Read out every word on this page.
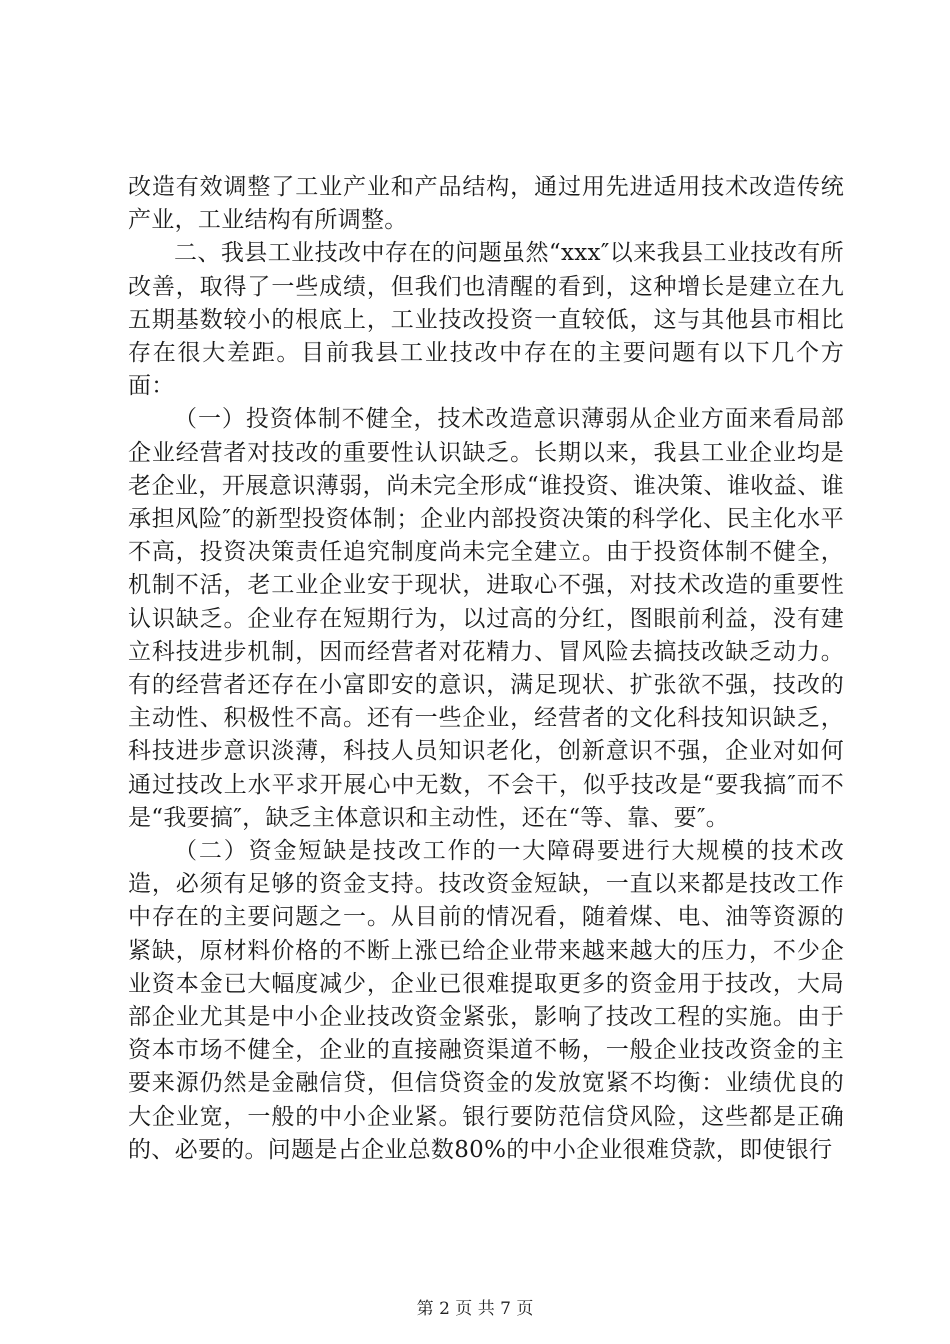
改造有效调整了工业产业和产品结构，通过用先进适用技术改造传统产业，工业结构有所调整。

二、我县工业技改中存在的问题虽然“xxx″以来我县工业技改有所改善，取得了一些成绩，但我们也清醒的看到，这种增长是建立在九五期基数较小的根底上，工业技改投资一直较低，这与其他县市相比存在很大差距。目前我县工业技改中存在的主要问题有以下几个方面：

（一）投资体制不健全，技术改造意识薄弱从企业方面来看局部企业经营者对技改的重要性认识缺乏。长期以来，我县工业企业均是老企业，开展意识薄弱，尚未完全形成“谁投资、谁决策、谁收益、谁承担风险″的新型投资体制；企业内部投资决策的科学化、民主化水平不高，投资决策责任追究制度尚未完全建立。由于投资体制不健全，机制不活，老工业企业安于现状，进取心不强，对技术改造的重要性认识缺乏。企业存在短期行为，以过高的分红，图眼前利益，没有建立科技进步机制，因而经营者对花精力、冒风险去搞技改缺乏动力。有的经营者还存在小富即安的意识，满足现状、扩张欲不强，技改的主动性、积极性不高。还有一些企业，经营者的文化科技知识缺乏，科技进步意识淡薄，科技人员知识老化，创新意识不强，企业对如何通过技改上水平求开展心中无数，不会干，似乎技改是“要我搞″而不是“我要搞″，缺乏主体意识和主动性，还在“等、靠、要″。

（二）资金短缺是技改工作的一大障碍要进行大规模的技术改造，必须有足够的资金支持。技改资金短缺，一直以来都是技改工作中存在的主要问题之一。从目前的情况看，随着煤、电、油等资源的紧缺，原材料价格的不断上涨已给企业带来越来越大的压力，不少企业资本金已大幅度减少，企业已很难提取更多的资金用于技改，大局部企业尤其是中小企业技改资金紧张，影响了技改工程的实施。由于资本市场不健全，企业的直接融资渠道不畅，一般企业技改资金的主要来源仍然是金融信贷，但信贷资金的发放宽紧不均衡：业绩优良的大企业宽，一般的中小企业紧。银行要防范信贷风险，这些都是正确的、必要的。问题是占企业总数80%的中小企业很难贷款，即使银行

第 2 页 共 7 页
